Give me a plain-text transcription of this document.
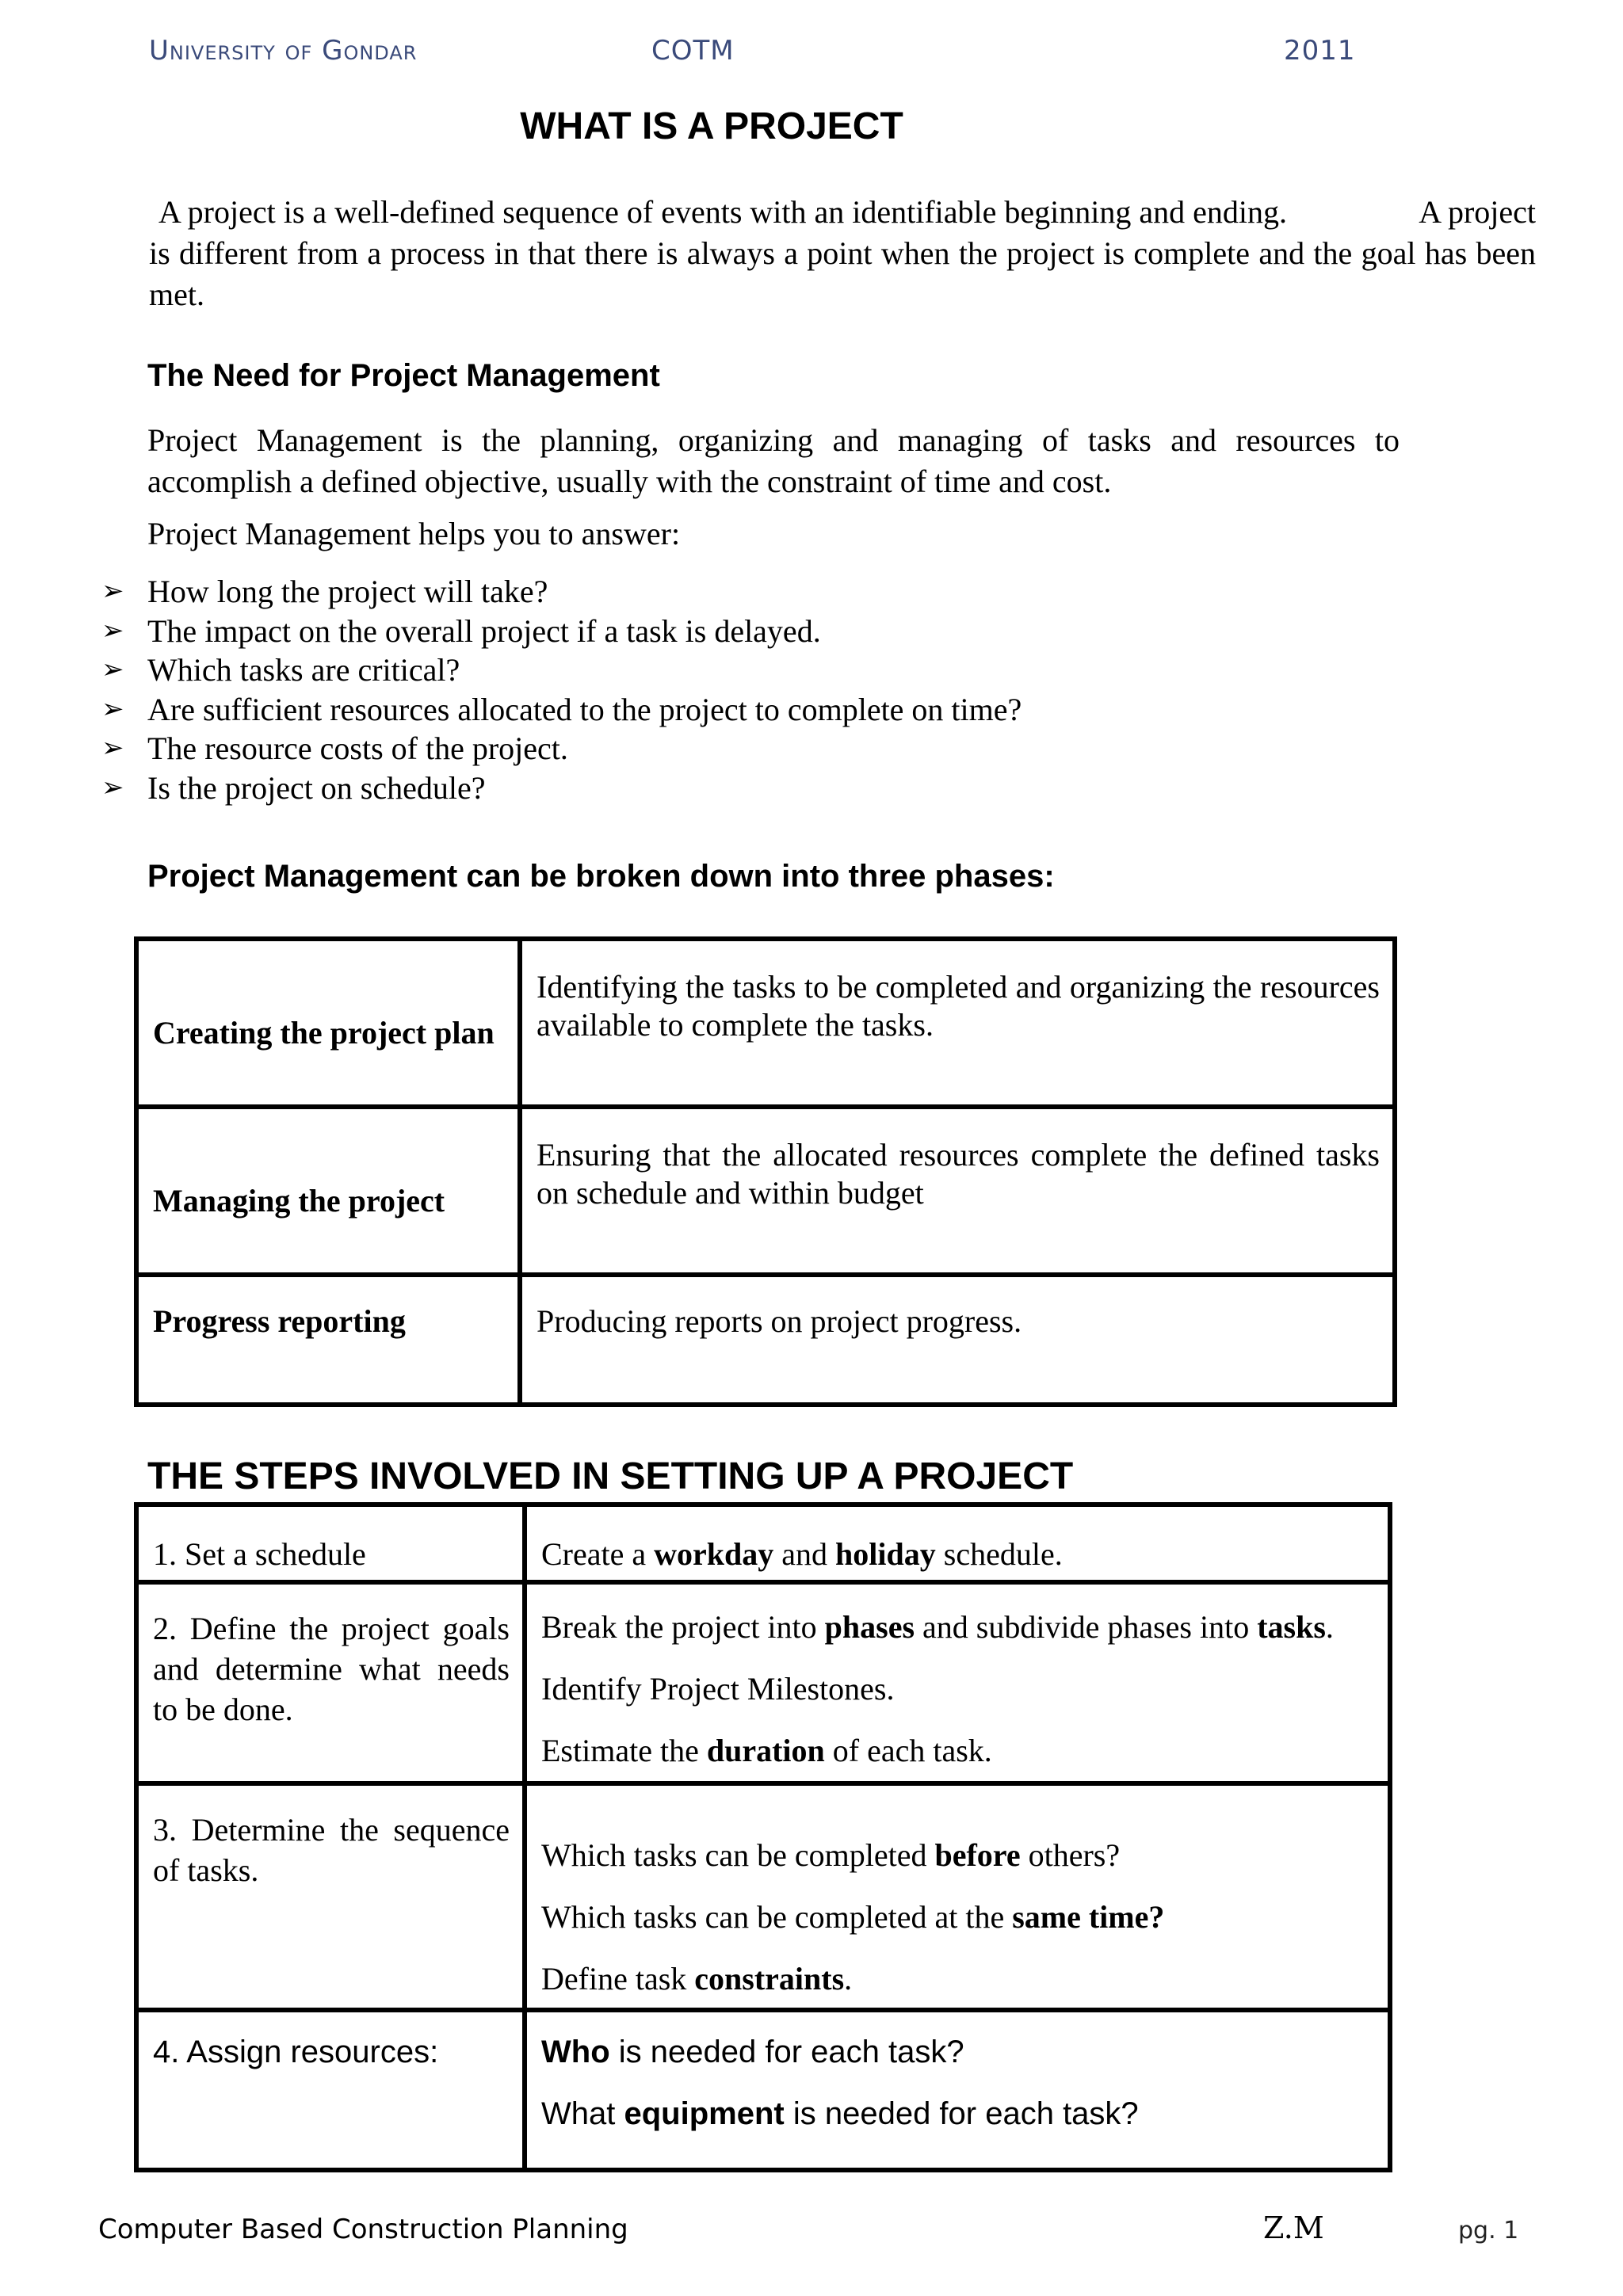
University of Gondar	COTM	2011
WHAT IS A PROJECT
A project is a well-defined sequence of events with an identifiable beginning and ending.	A project
is different from a process in that there is always a point when the project is complete and the goal has been met.
The Need for Project Management
Project Management is the planning, organizing and managing of tasks and resources to accomplish a defined objective, usually with the constraint of time and cost.
Project Management helps you to answer:
➢ How long the project will take?
➢ The impact on the overall project if a task is delayed.
➢ Which tasks are critical?
➢ Are sufficient resources allocated to the project to complete on time?
➢ The resource costs of the project.
➢ Is the project on schedule?
Project Management can be broken down into three phases:
Creating the project plan	Identifying the tasks to be completed and organizing the resources available to complete the tasks.

Managing the project	Ensuring that the allocated resources complete the defined tasks on schedule and within budget

Progress reporting	Producing reports on project progress.
THE STEPS INVOLVED IN SETTING UP A PROJECT
1. Set a schedule	Create a workday and holiday schedule.

2. Define the project goals and determine what needs to be done.	Break the project into phases and subdivide phases into tasks.
Identify Project Milestones.
Estimate the duration of each task.

3. Determine the sequence of tasks.	Which tasks can be completed before others?
Which tasks can be completed at the same time?
Define task constraints.

4. Assign resources:	Who is needed for each task?
What equipment is needed for each task?
Computer Based Construction Planning	Z.M	pg. 1
